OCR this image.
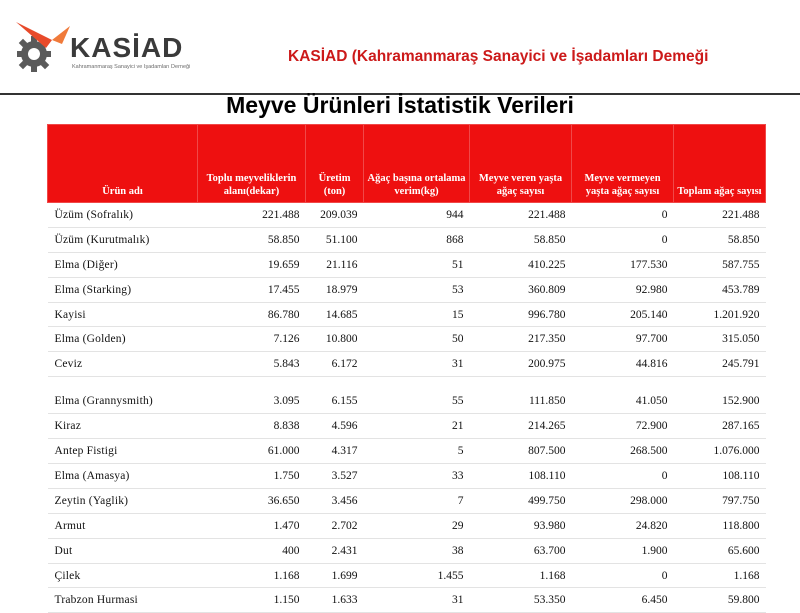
KASİAD
Kahramanmaraş Sanayici ve İşadamları Derneği
KASİAD (Kahramanmaraş Sanayici ve İşadamları Demeği
Meyve Ürünleri İstatistik Verileri
Ürün adı	Toplu meyveliklerin alanı(dekar)	Üretim (ton)	Ağaç başına ortalama verim(kg)	Meyve veren yaşta ağaç sayısı	Meyve vermeyen yaşta ağaç sayısı	Toplam ağaç sayısı
Üzüm (Sofralık)	221.488	209.039	944	221.488	0	221.488
Üzüm (Kurutmalık)	58.850	51.100	868	58.850	0	58.850
Elma (Diğer)	19.659	21.116	51	410.225	177.530	587.755
Elma (Starking)	17.455	18.979	53	360.809	92.980	453.789
Kayisi	86.780	14.685	15	996.780	205.140	1.201.920
Elma (Golden)	7.126	10.800	50	217.350	97.700	315.050
Ceviz	5.843	6.172	31	200.975	44.816	245.791
Elma (Grannysmith)	3.095	6.155	55	111.850	41.050	152.900
Kiraz	8.838	4.596	21	214.265	72.900	287.165
Antep Fistigi	61.000	4.317	5	807.500	268.500	1.076.000
Elma (Amasya)	1.750	3.527	33	108.110	0	108.110
Zeytin (Yaglik)	36.650	3.456	7	499.750	298.000	797.750
Armut	1.470	2.702	29	93.980	24.820	118.800
Dut	400	2.431	38	63.700	1.900	65.600
Çilek	1.168	1.699	1.455	1.168	0	1.168
Trabzon Hurmasi	1.150	1.633	31	53.350	6.450	59.800
